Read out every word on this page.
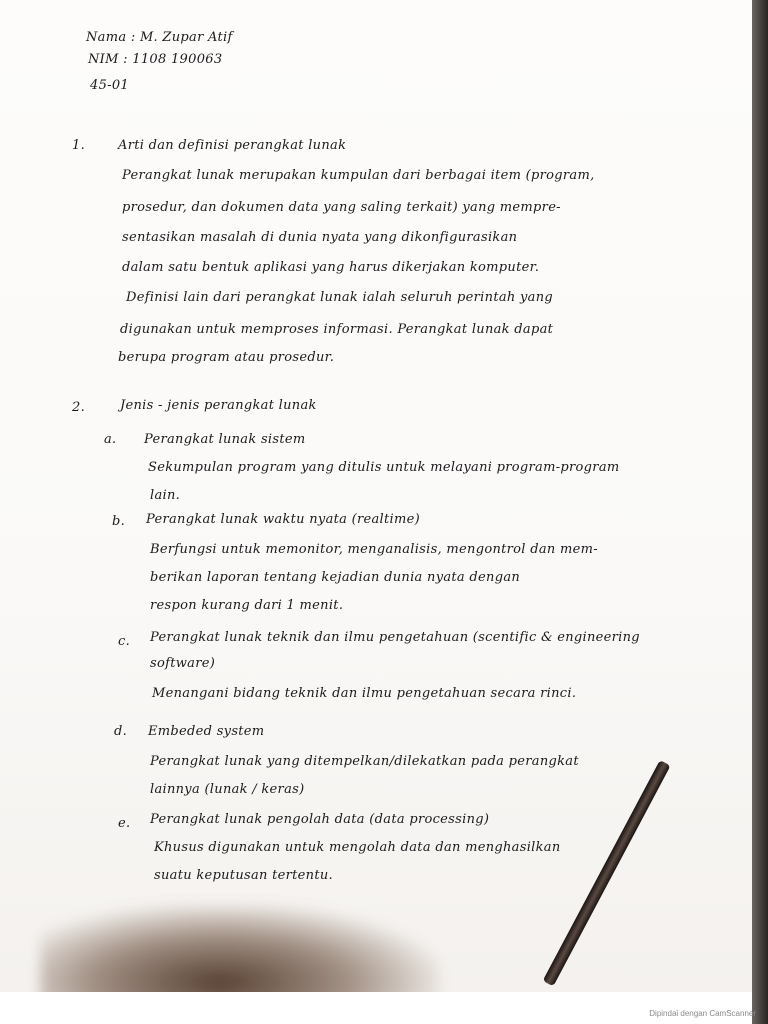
Nama : M. Zupar Atif
NIM : 1108 190063
45-01
1.	Arti dan definisi perangkat lunak
Perangkat lunak merupakan kumpulan dari berbagai item (program,
prosedur, dan dokumen data yang saling terkait) yang mempre-
sentasikan masalah di dunia nyata yang dikonfigurasikan
dalam satu bentuk aplikasi yang harus dikerjakan komputer.
Definisi lain dari perangkat lunak ialah seluruh perintah yang
digunakan untuk memproses informasi. Perangkat lunak dapat
berupa program atau prosedur.
2.	Jenis - jenis perangkat lunak
a. Perangkat lunak sistem
Sekumpulan program yang ditulis untuk melayani program-program
lain.
b. Perangkat lunak waktu nyata (realtime)
Berfungsi untuk memonitor, menganalisis, mengontrol dan mem-
berikan laporan tentang kejadian dunia nyata dengan
respon kurang dari 1 menit.
c. Perangkat lunak teknik dan ilmu pengetahuan (scentific & engineering
software)
Menangani bidang teknik dan ilmu pengetahuan secara rinci.
d. Embeded system
Perangkat lunak yang ditempelkan/dilekatkan pada perangkat
lainnya (lunak / keras)
e. Perangkat lunak pengolah data (data processing)
Khusus digunakan untuk mengolah data dan menghasilkan
suatu keputusan tertentu.
Dipindai dengan CamScanner
